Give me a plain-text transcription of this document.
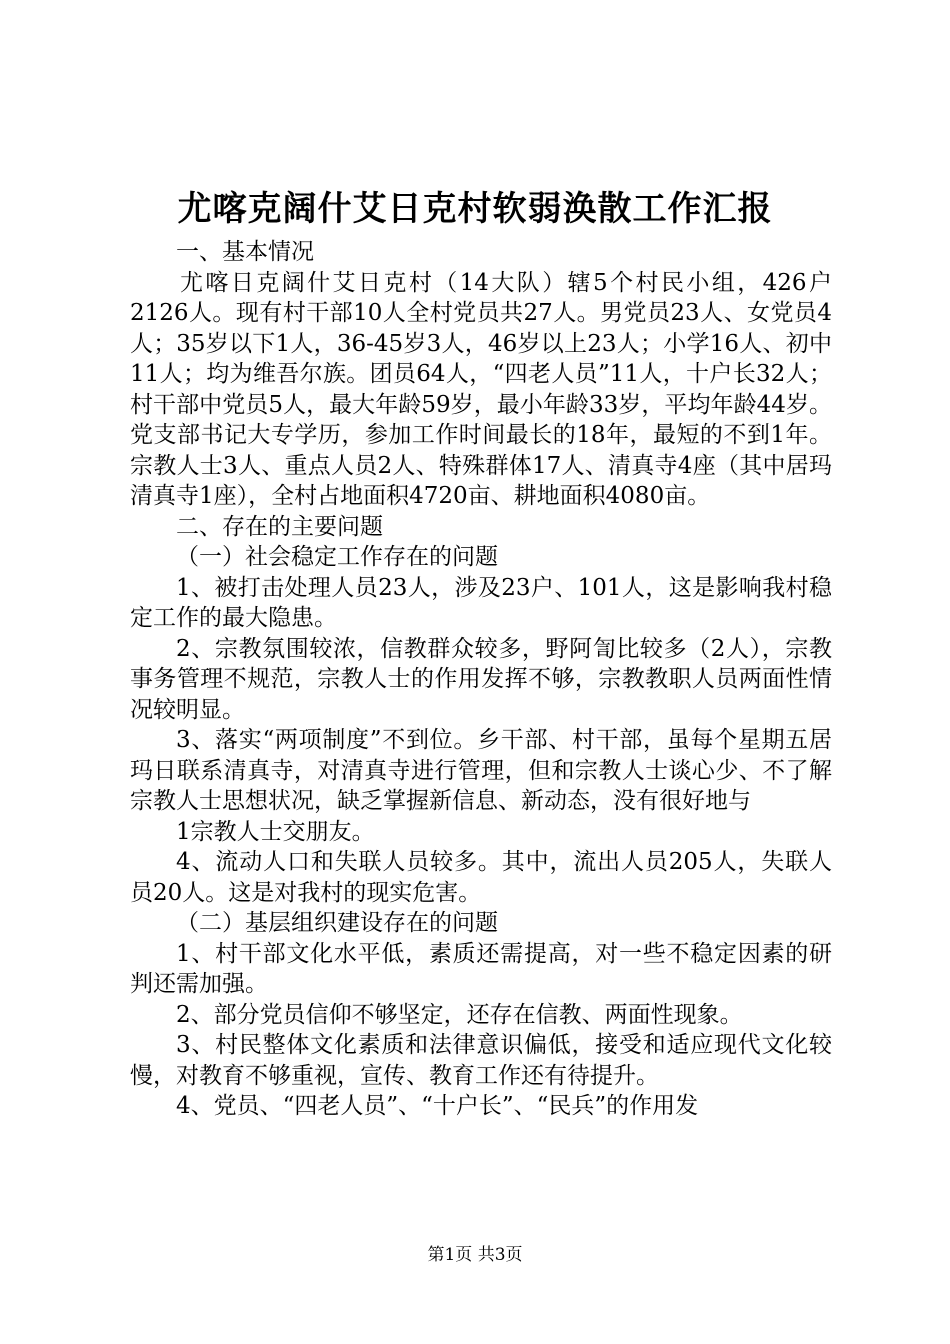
尤喀克阔什艾日克村软弱涣散工作汇报

一、基本情况

尤喀日克阔什艾日克村（14大队）辖5个村民小组，426户2126人。现有村干部10人全村党员共27人。男党员23人、女党员4人；35岁以下1人，36-45岁3人，46岁以上23人；小学16人、初中11人；均为维吾尔族。团员64人，“四老人员”11人，十户长32人；村干部中党员5人，最大年龄59岁，最小年龄33岁，平均年龄44岁。党支部书记大专学历，参加工作时间最长的18年，最短的不到1年。宗教人士3人、重点人员2人、特殊群体17人、清真寺4座（其中居玛清真寺1座），全村占地面积4720亩、耕地面积4080亩。

二、存在的主要问题

（一）社会稳定工作存在的问题

1、被打击处理人员23人，涉及23户、101人，这是影响我村稳定工作的最大隐患。

2、宗教氛围较浓，信教群众较多，野阿訇比较多（2人），宗教事务管理不规范，宗教人士的作用发挥不够，宗教教职人员两面性情况较明显。

3、落实“两项制度”不到位。乡干部、村干部，虽每个星期五居玛日联系清真寺，对清真寺进行管理，但和宗教人士谈心少、不了解宗教人士思想状况，缺乏掌握新信息、新动态，没有很好地与

1宗教人士交朋友。

4、流动人口和失联人员较多。其中，流出人员205人，失联人员20人。这是对我村的现实危害。

（二）基层组织建设存在的问题

1、村干部文化水平低，素质还需提高，对一些不稳定因素的研判还需加强。

2、部分党员信仰不够坚定，还存在信教、两面性现象。

3、村民整体文化素质和法律意识偏低，接受和适应现代文化较慢，对教育不够重视，宣传、教育工作还有待提升。

4、党员、“四老人员”、“十户长”、“民兵”的作用发

第1页 共3页
